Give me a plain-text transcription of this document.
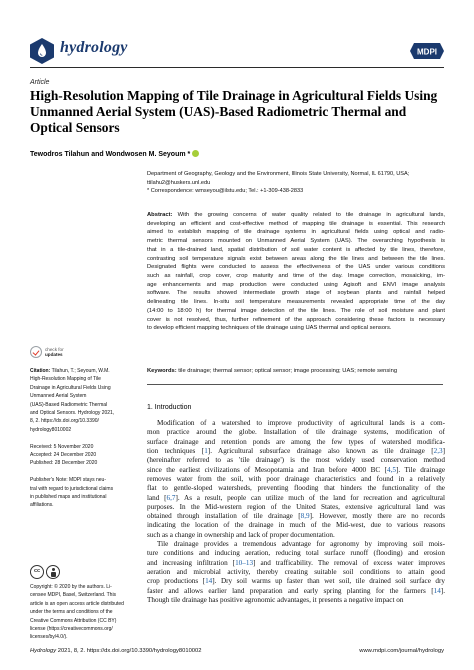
hydrology	MDPI
Article
High-Resolution Mapping of Tile Drainage in Agricultural Fields Using Unmanned Aerial System (UAS)-Based Radiometric Thermal and Optical Sensors
Tewodros Tilahun and Wondwosen M. Seyoum *
Department of Geography, Geology and the Environment, Illinois State University, Normal, IL 61790, USA;
ttilahu2@huskers.unl.edu
* Correspondence: wmseyou@ilstu.edu; Tel.: +1-309-438-2833
Abstract: With the growing concerns of water quality related to tile drainage in agricultural lands,
developing an efficient and cost-effective method of mapping tile drainage is essential. This research
aimed to establish mapping of tile drainage systems in agricultural fields using optical and radio-
metric thermal sensors mounted on Unmanned Aerial System (UAS). The overarching hypothesis is
that in a tile-drained land, spatial distribution of soil water content is affected by tile lines, therefore,
contrasting soil temperature signals exist between areas along the tile lines and between the tile lines.
Designated flights were conducted to assess the effectiveness of the UAS under various conditions
such as rainfall, crop cover, crop maturity and time of the day. Image correction, mosaicking, im-
age enhancements and map production were conducted using Agisoft and ENVI image analysis
software. The results showed intermediate growth stage of soybean plants and rainfall helped
delineating tile lines. In-situ soil temperature measurements revealed appropriate time of the day
(14:00 to 18:00 h) for thermal image detection of the tile lines. The role of soil moisture and plant
cover is not resolved, thus, further refinement of the approach considering these factors is necessary
to develop efficient mapping techniques of tile drainage using UAS thermal and optical sensors.
Keywords: tile drainage; thermal sensor; optical sensor; image processing; UAS; remote sensing
check for
updates
Citation: Tilahun, T.; Seyoum, W.M.
High-Resolution Mapping of Tile
Drainage in Agricultural Fields Using
Unmanned Aerial System
(UAS)-Based Radiometric Thermal
and Optical Sensors. Hydrology 2021,
8, 2. https://dx.doi.org/10.3390/
hydrology8010002
Received: 5 November 2020
Accepted: 24 December 2020
Published: 28 December 2020
Publisher's Note: MDPI stays neu-
tral with regard to jurisdictional claims
in published maps and institutional
affiliations.
cc
Copyright: © 2020 by the authors. Li-
censee MDPI, Basel, Switzerland. This
article is an open access article distributed
under the terms and conditions of the
Creative Commons Attribution (CC BY)
license (https://creativecommons.org/
licenses/by/4.0/).
1. Introduction
Modification of a watershed to improve productivity of agricultural lands is a com-
mon practice around the globe. Installation of tile drainage systems, modification of
surface drainage and retention ponds are among the few types of watershed modifica-
tion techniques [1]. Agricultural subsurface drainage also known as tile drainage [2,3]
(hereinafter referred to as 'tile drainage') is the most widely used conservation method
since the earliest civilizations of Mesopotamia and Iran before 4000 BC [4,5]. Tile drainage
removes water from the soil, with poor drainage characteristics and found in a relatively
flat to gentle-sloped watersheds, preventing flooding that hinders the functionality of the
land [6,7]. As a result, people can utilize much of the land for recreation and agricultural
purposes. In the Mid-western region of the United States, extensive agricultural land was
obtained through installation of tile drainage [8,9]. However, mostly there are no records
indicating the location of the drainage in much of the Mid-west, due to various reasons
such as a change in ownership and lack of proper documentation.
Tile drainage provides a tremendous advantage for agronomy by improving soil mois-
ture conditions and inducing aeration, reducing total surface runoff (flooding) and erosion
and increasing infiltration [10–13] and trafficability. The removal of excess water improves
aeration and microbial activity, thereby creating suitable soil conditions to attain good
crop productions [14]. Dry soil warms up faster than wet soil, tile drained soil surface dry
faster and allows earlier land preparation and early spring planting for the farmers [14].
Though tile drainage has positive agronomic advantages, it presents a negative impact on
Hydrology 2021, 8, 2. https://dx.doi.org/10.3390/hydrology8010002	www.mdpi.com/journal/hydrology
